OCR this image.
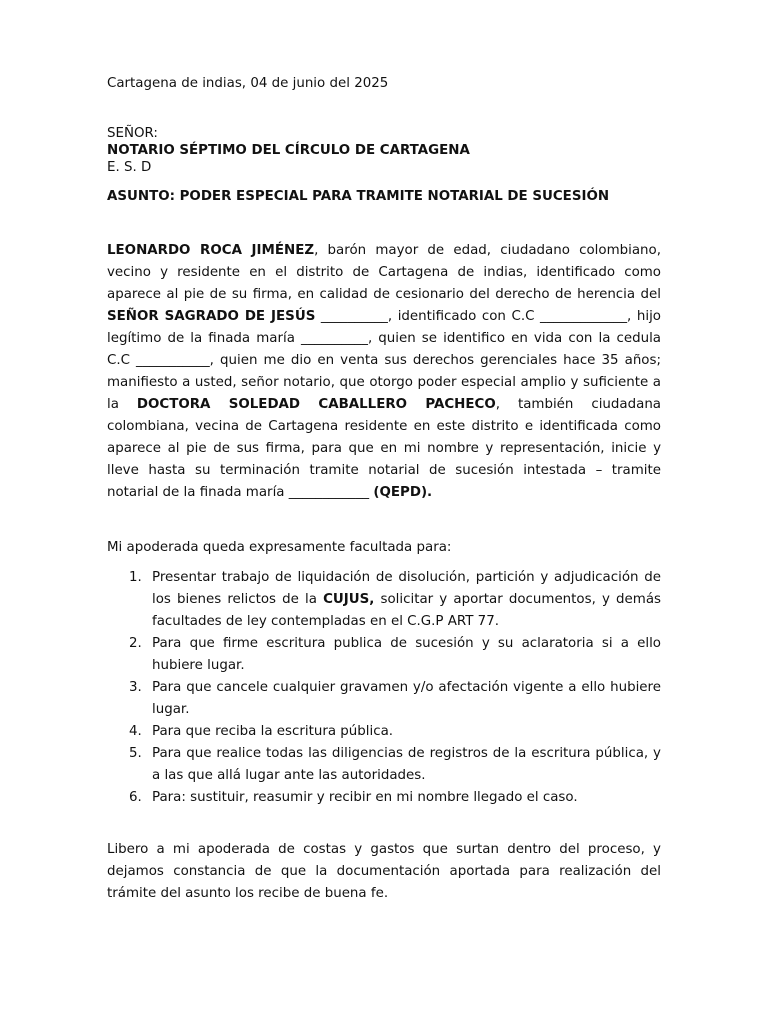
Cartagena de indias, 04 de junio del 2025

SEÑOR:

NOTARIO SÉPTIMO DEL CÍRCULO DE CARTAGENA

E. S. D

ASUNTO: PODER ESPECIAL PARA TRAMITE NOTARIAL DE SUCESIÓN

LEONARDO ROCA JIMÉNEZ, barón mayor de edad, ciudadano colombiano, vecino y residente en el distrito de Cartagena de indias, identificado como aparece al pie de su firma, en calidad de cesionario del derecho de herencia del SEÑOR SAGRADO DE JESÚS __________, identificado con C.C _____________, hijo legítimo de la finada maría __________, quien se identifico en vida con la cedula C.C ___________, quien me dio en venta sus derechos gerenciales hace 35 años; manifiesto a usted, señor notario, que otorgo poder especial amplio y suficiente a la DOCTORA SOLEDAD CABALLERO PACHECO, también ciudadana colombiana, vecina de Cartagena residente en este distrito e identificada como aparece al pie de sus firma, para que en mi nombre y representación, inicie y lleve hasta su terminación tramite notarial de sucesión intestada – tramite notarial de la finada maría ____________ (QEPD).

Mi apoderada queda expresamente facultada para:

1. Presentar trabajo de liquidación de disolución, partición y adjudicación de los bienes relictos de la CUJUS, solicitar y aportar documentos, y demás facultades de ley contempladas en el C.G.P ART 77.

2. Para que firme escritura publica de sucesión y su aclaratoria si a ello hubiere lugar.

3. Para que cancele cualquier gravamen y/o afectación vigente a ello hubiere lugar.

4. Para que reciba la escritura pública.

5. Para que realice todas las diligencias de registros de la escritura pública, y a las que allá lugar ante las autoridades.

6. Para: sustituir, reasumir y recibir en mi nombre llegado el caso.

Libero a mi apoderada de costas y gastos que surtan dentro del proceso, y dejamos constancia de que la documentación aportada para realización del trámite del asunto los recibe de buena fe.
